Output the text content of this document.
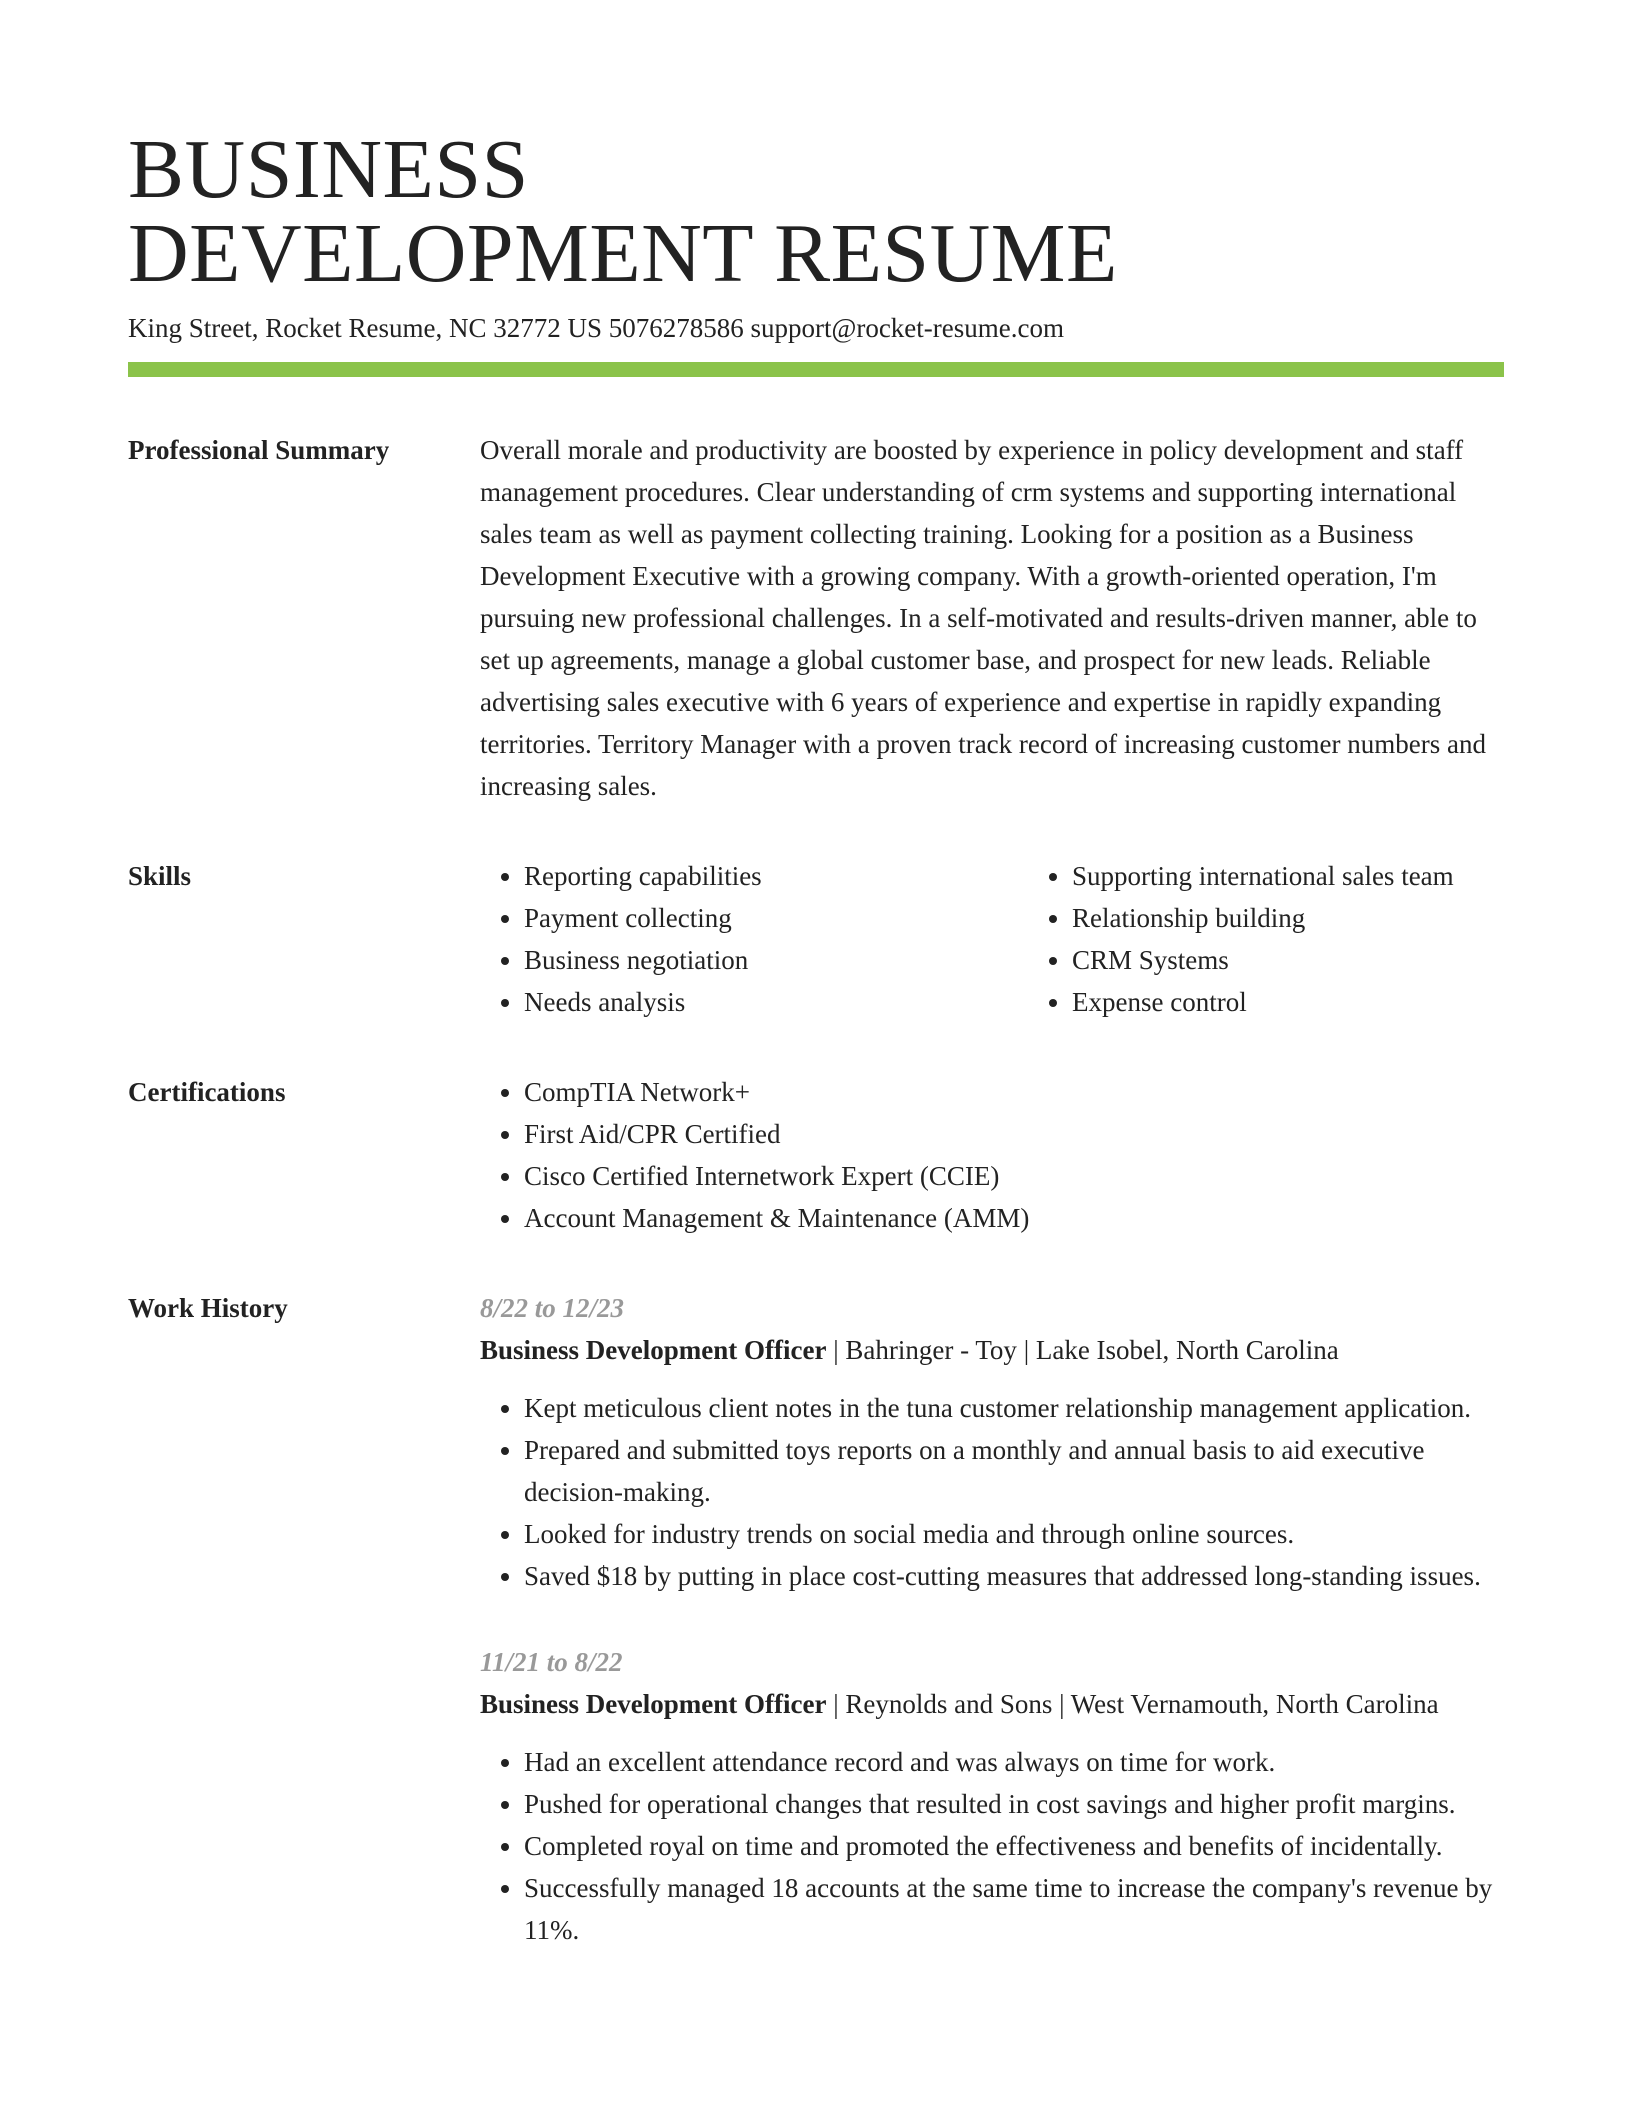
BUSINESS
DEVELOPMENT RESUME
King Street, Rocket Resume, NC 32772 US 5076278586 support@rocket-resume.com
Professional Summary	Overall morale and productivity are boosted by experience in policy development and staff management procedures. Clear understanding of crm systems and supporting international sales team as well as payment collecting training. Looking for a position as a Business Development Executive with a growing company. With a growth-oriented operation, I'm pursuing new professional challenges. In a self-motivated and results-driven manner, able to set up agreements, manage a global customer base, and prospect for new leads. Reliable advertising sales executive with 6 years of experience and expertise in rapidly expanding territories. Territory Manager with a proven track record of increasing customer numbers and increasing sales.

Skills	• Reporting capabilities
• Payment collecting
• Business negotiation
• Needs analysis
• Supporting international sales team
• Relationship building
• CRM Systems
• Expense control
Certifications	• CompTIA Network+
• First Aid/CPR Certified
• Cisco Certified Internetwork Expert (CCIE)
• Account Management & Maintenance (AMM)
Work History	8/22 to 12/23
Business Development Officer | Bahringer - Toy | Lake Isobel, North Carolina
• Kept meticulous client notes in the tuna customer relationship management application.
• Prepared and submitted toys reports on a monthly and annual basis to aid executive decision-making.
• Looked for industry trends on social media and through online sources.
• Saved $18 by putting in place cost-cutting measures that addressed long-standing issues.
11/21 to 8/22
Business Development Officer | Reynolds and Sons | West Vernamouth, North Carolina
• Had an excellent attendance record and was always on time for work.
• Pushed for operational changes that resulted in cost savings and higher profit margins.
• Completed royal on time and promoted the effectiveness and benefits of incidentally.
• Successfully managed 18 accounts at the same time to increase the company's revenue by 11%.
